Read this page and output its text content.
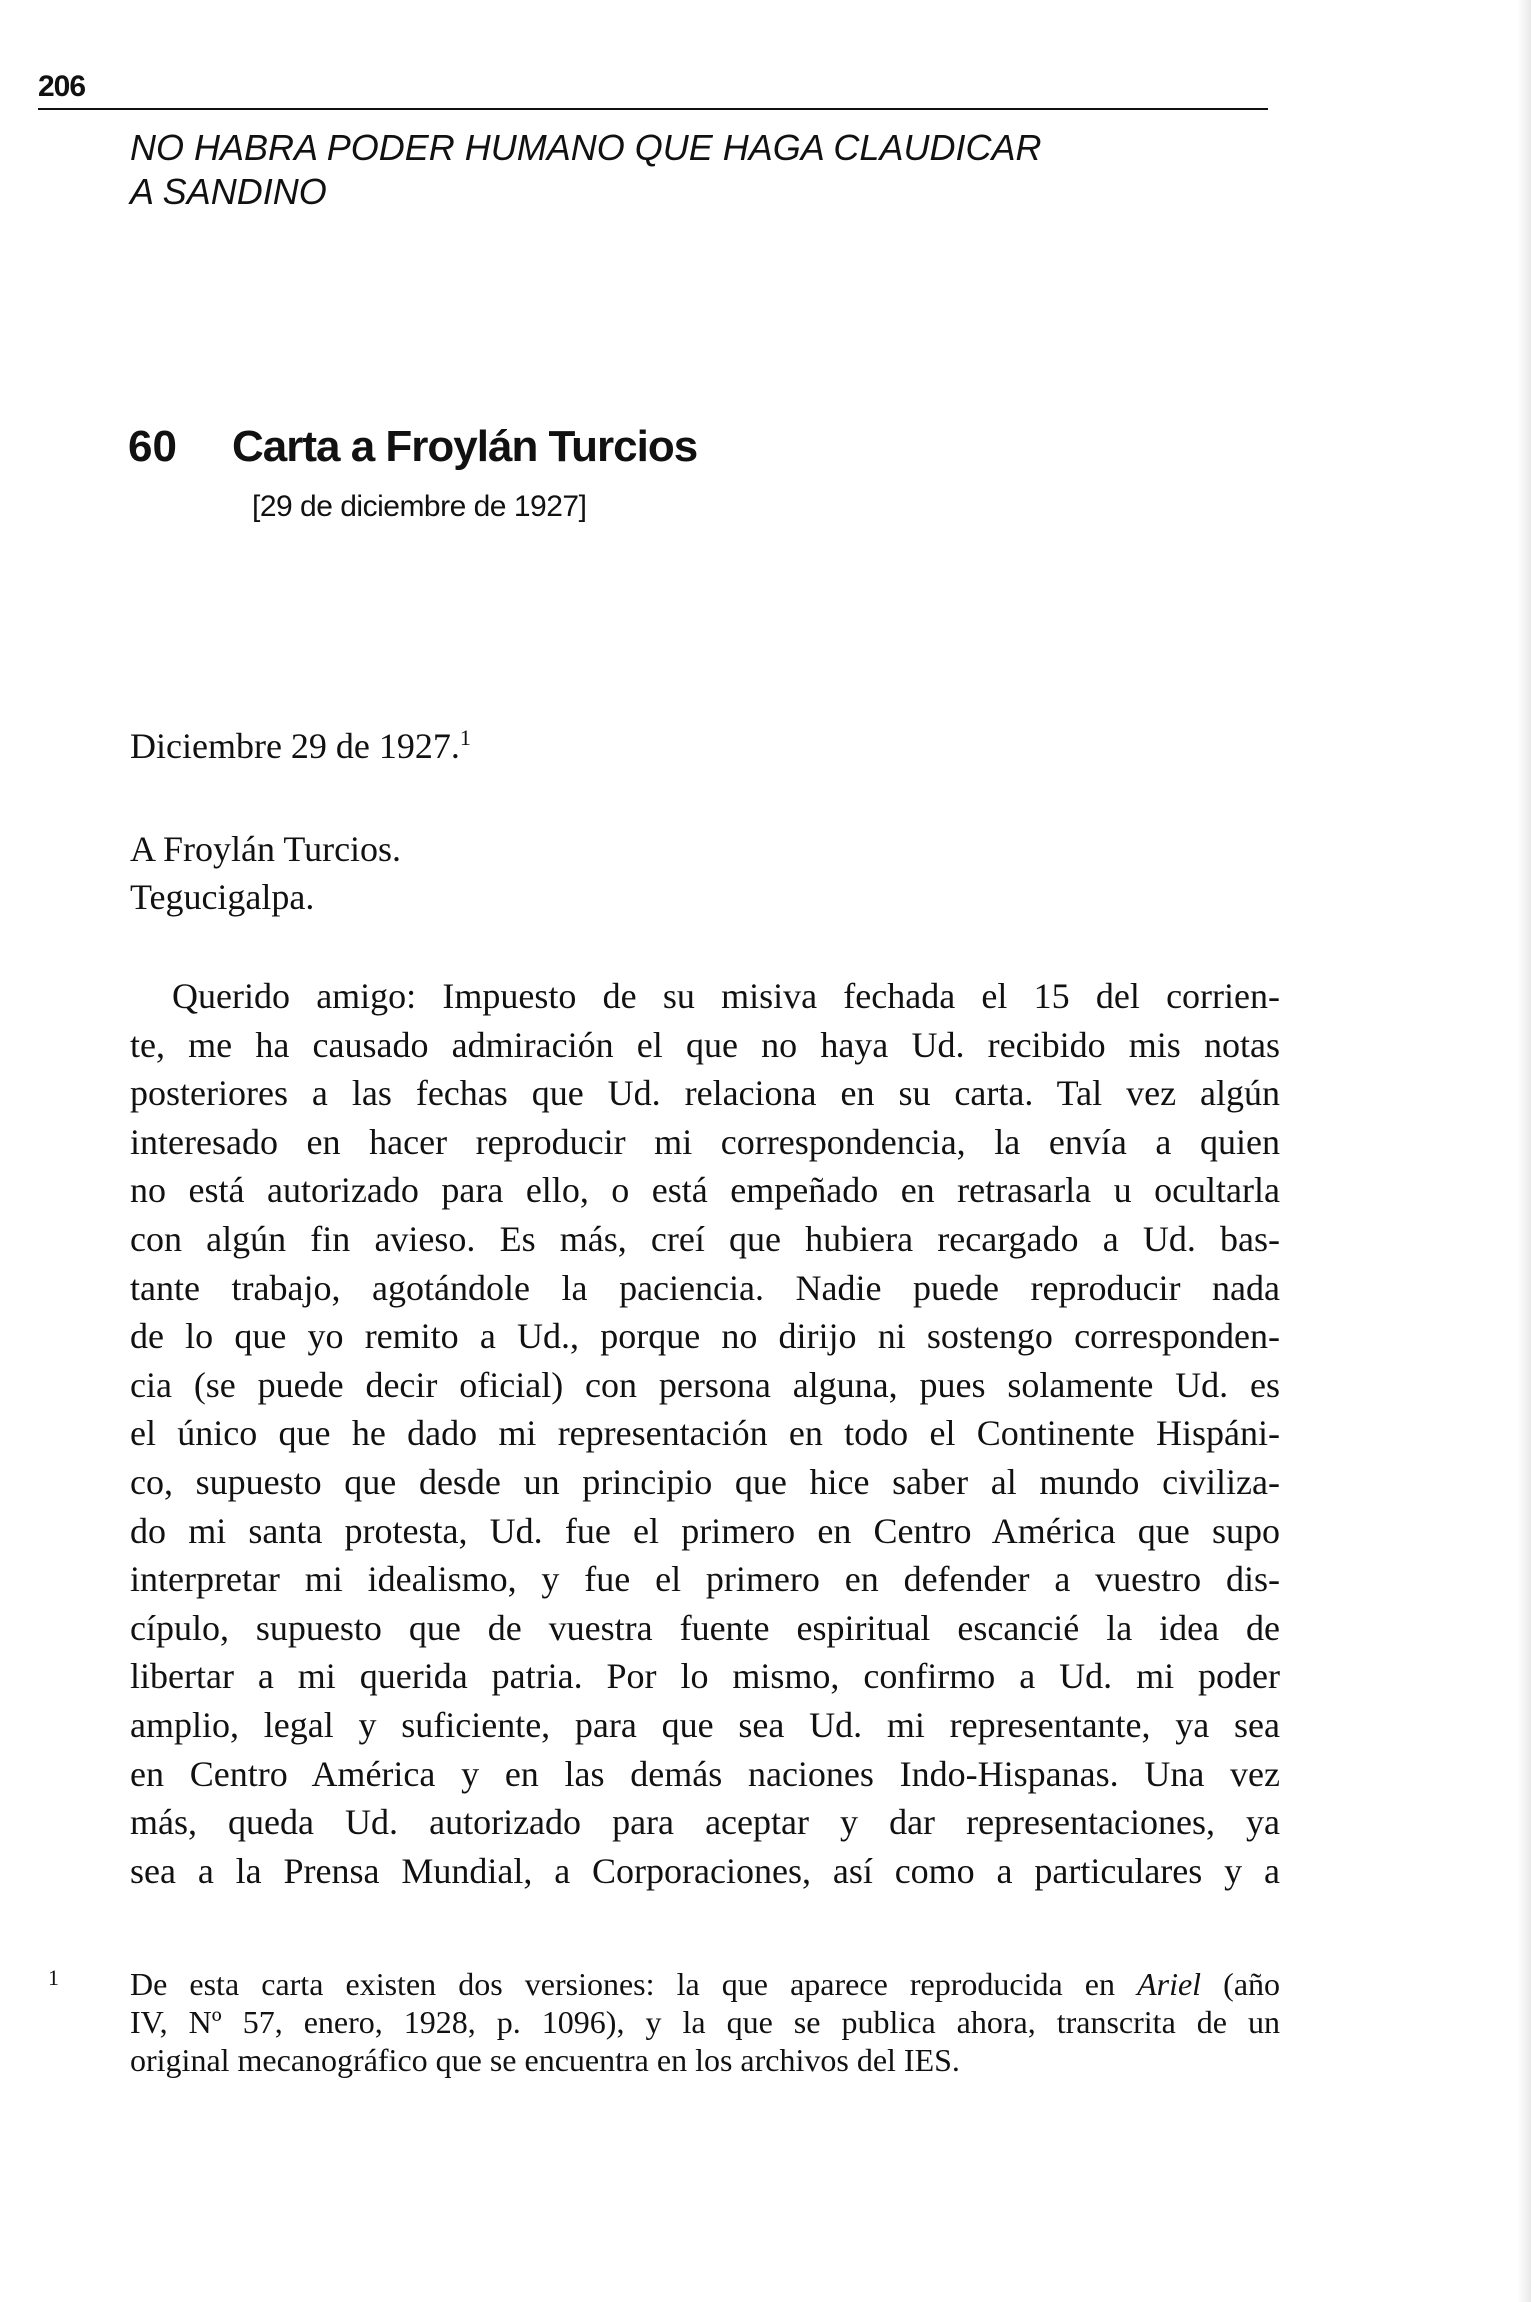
206
NO HABRA PODER HUMANO QUE HAGA CLAUDICAR
A SANDINO
60 Carta a Froylán Turcios
[29 de diciembre de 1927]
Diciembre 29 de 1927.$^1$
A Froylán Turcios.
Tegucigalpa.
Querido amigo: Impuesto de su misiva fechada el 15 del corrien-
te, me ha causado admiración el que no haya Ud. recibido mis notas
posteriores a las fechas que Ud. relaciona en su carta. Tal vez algún
interesado en hacer reproducir mi correspondencia, la envía a quien
no está autorizado para ello, o está empeñado en retrasarla u ocultarla
con algún fin avieso. Es más, creí que hubiera recargado a Ud. bas-
tante trabajo, agotándole la paciencia. Nadie puede reproducir nada
de lo que yo remito a Ud., porque no dirijo ni sostengo corresponden-
cia (se puede decir oficial) con persona alguna, pues solamente Ud. es
el único que he dado mi representación en todo el Continente Hispáni-
co, supuesto que desde un principio que hice saber al mundo civiliza-
do mi santa protesta, Ud. fue el primero en Centro América que supo
interpretar mi idealismo, y fue el primero en defender a vuestro dis-
cípulo, supuesto que de vuestra fuente espiritual escancié la idea de
libertar a mi querida patria. Por lo mismo, confirmo a Ud. mi poder
amplio, legal y suficiente, para que sea Ud. mi representante, ya sea
en Centro América y en las demás naciones Indo-Hispanas. Una vez
más, queda Ud. autorizado para aceptar y dar representaciones, ya
sea a la Prensa Mundial, a Corporaciones, así como a particulares y a
1 De esta carta existen dos versiones: la que aparece reproducida en Ariel (año
IV, Nº 57, enero, 1928, p. 1096), y la que se publica ahora, transcrita de un
original mecanográfico que se encuentra en los archivos del IES.
